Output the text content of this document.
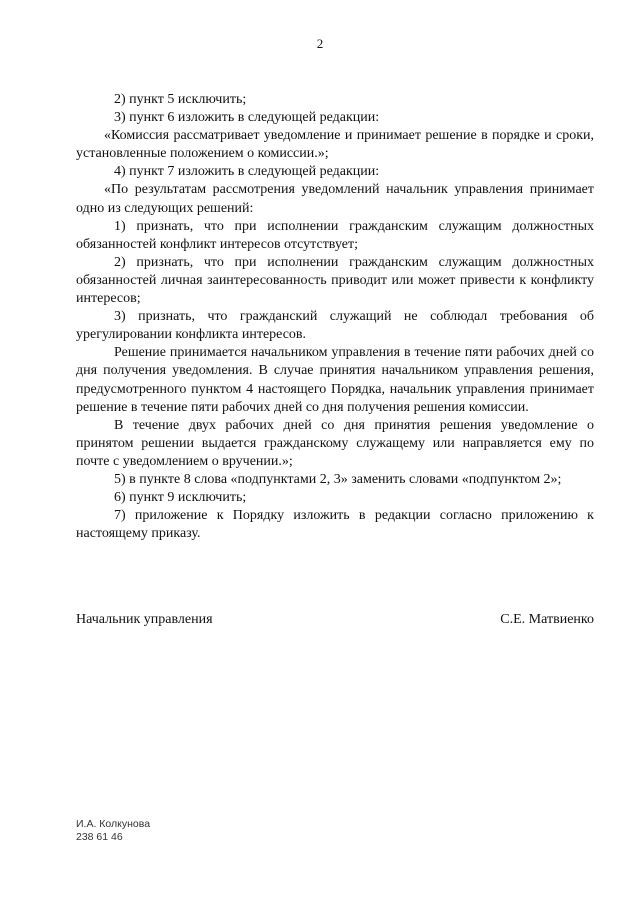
2

2) пункт 5 исключить;

3) пункт 6 изложить в следующей редакции:

«Комиссия рассматривает уведомление и принимает решение в порядке и сроки, установленные положением о комиссии.»;

4) пункт 7 изложить в следующей редакции:

«По результатам рассмотрения уведомлений начальник управления принимает одно из следующих решений:

1) признать, что при исполнении гражданским служащим должностных обязанностей конфликт интересов отсутствует;

2) признать, что при исполнении гражданским служащим должностных обязанностей личная заинтересованность приводит или может привести к конфликту интересов;

3) признать, что гражданский служащий не соблюдал требования об урегулировании конфликта интересов.

Решение принимается начальником управления в течение пяти рабочих дней со дня получения уведомления. В случае принятия начальником управления решения, предусмотренного пунктом 4 настоящего Порядка, начальник управления принимает решение в течение пяти рабочих дней со дня получения решения комиссии.

В течение двух рабочих дней со дня принятия решения уведомление о принятом решении выдается гражданскому служащему или направляется ему по почте с уведомлением о вручении.»;

5) в пункте 8 слова «подпунктами 2, 3» заменить словами «подпунктом 2»;

6) пункт 9 исключить;

7) приложение к Порядку изложить в редакции согласно приложению к настоящему приказу.

Начальник управления	С.Е. Матвиенко
И.А. Колкунова
238 61 46
